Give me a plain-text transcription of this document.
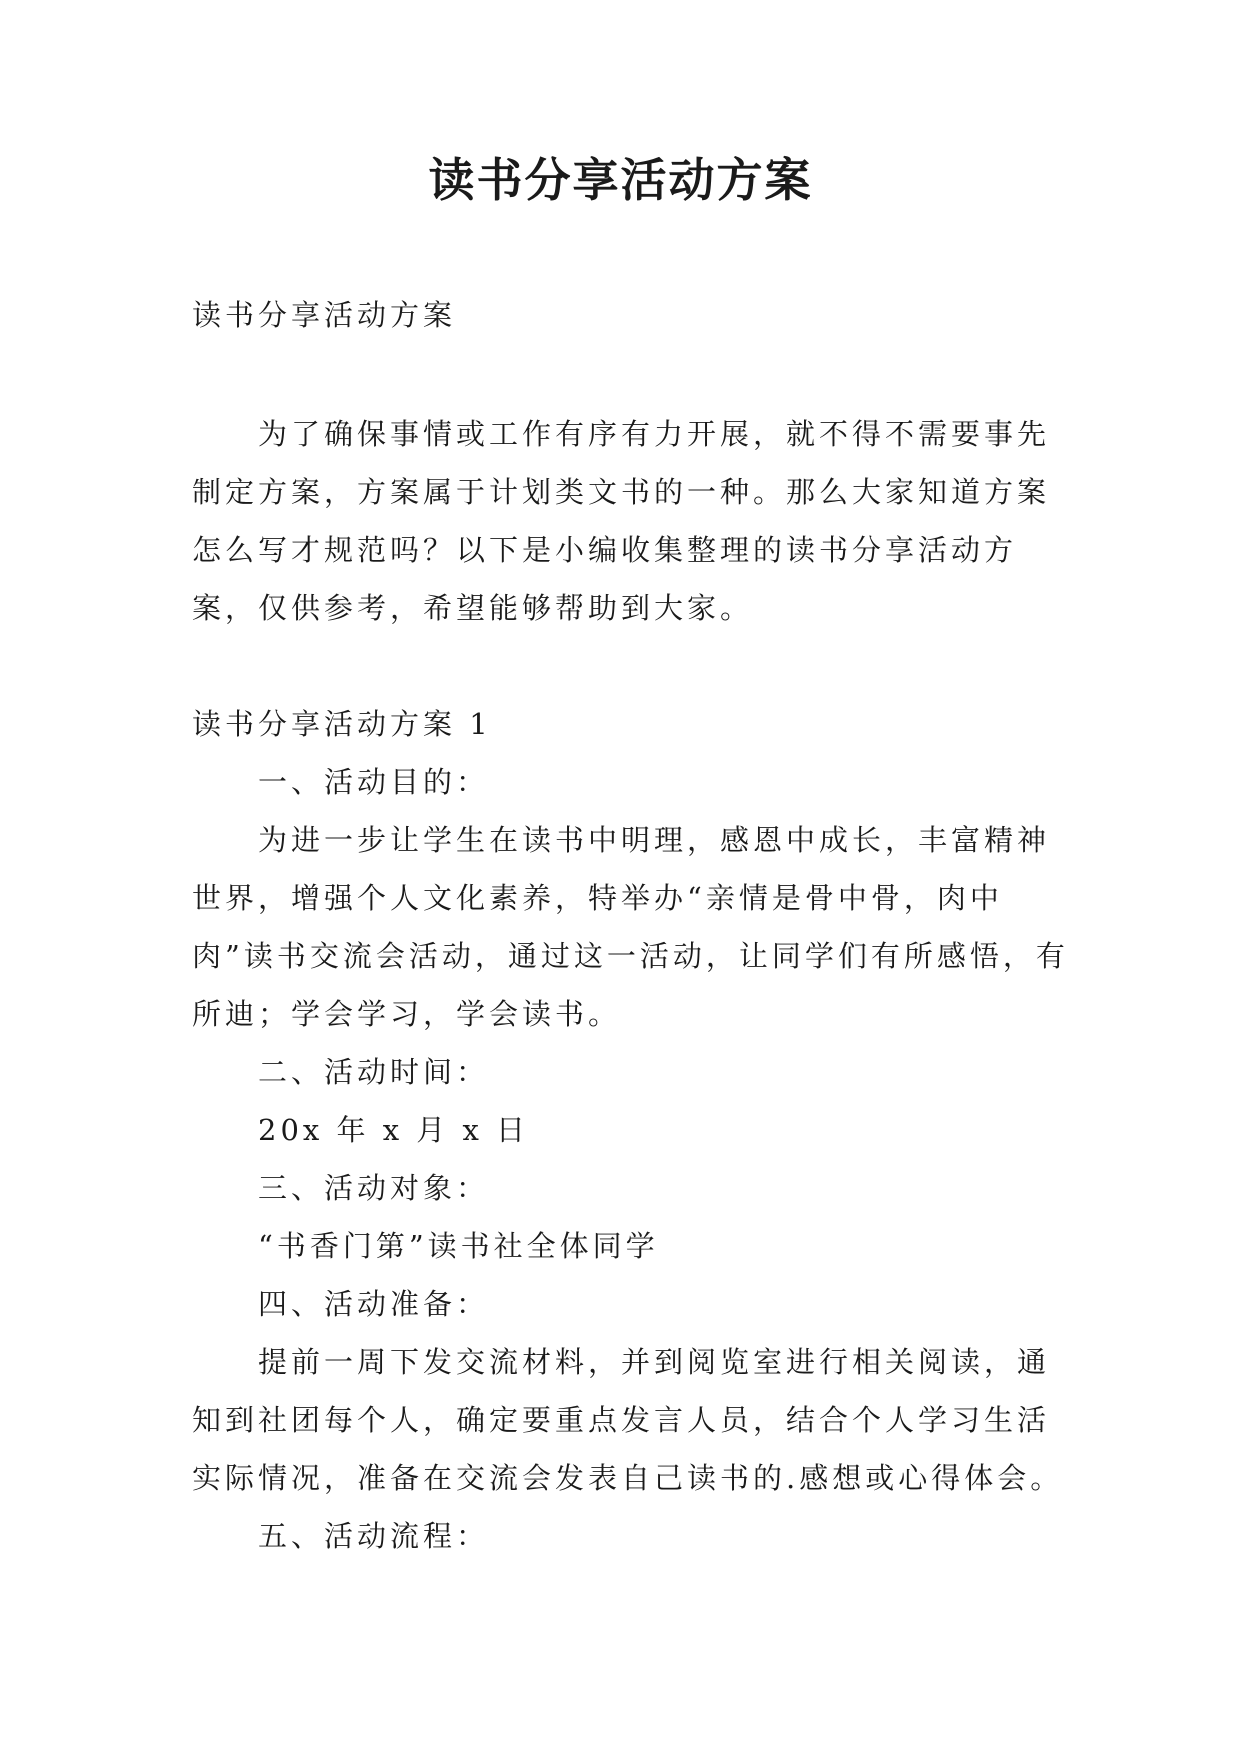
读书分享活动方案

读书分享活动方案

为了确保事情或工作有序有力开展，就不得不需要事先制定方案，方案属于计划类文书的一种。那么大家知道方案怎么写才规范吗？以下是小编收集整理的读书分享活动方案，仅供参考，希望能够帮助到大家。

读书分享活动方案 1

一、活动目的：

为进一步让学生在读书中明理，感恩中成长，丰富精神世界，增强个人文化素养，特举办“亲情是骨中骨，肉中肉”读书交流会活动，通过这一活动，让同学们有所感悟，有所迪；学会学习，学会读书。

二、活动时间：

20x 年 x 月 x 日

三、活动对象：

“书香门第”读书社全体同学

四、活动准备：

提前一周下发交流材料，并到阅览室进行相关阅读，通知到社团每个人，确定要重点发言人员，结合个人学习生活实际情况，准备在交流会发表自己读书的.感想或心得体会。

五、活动流程：
